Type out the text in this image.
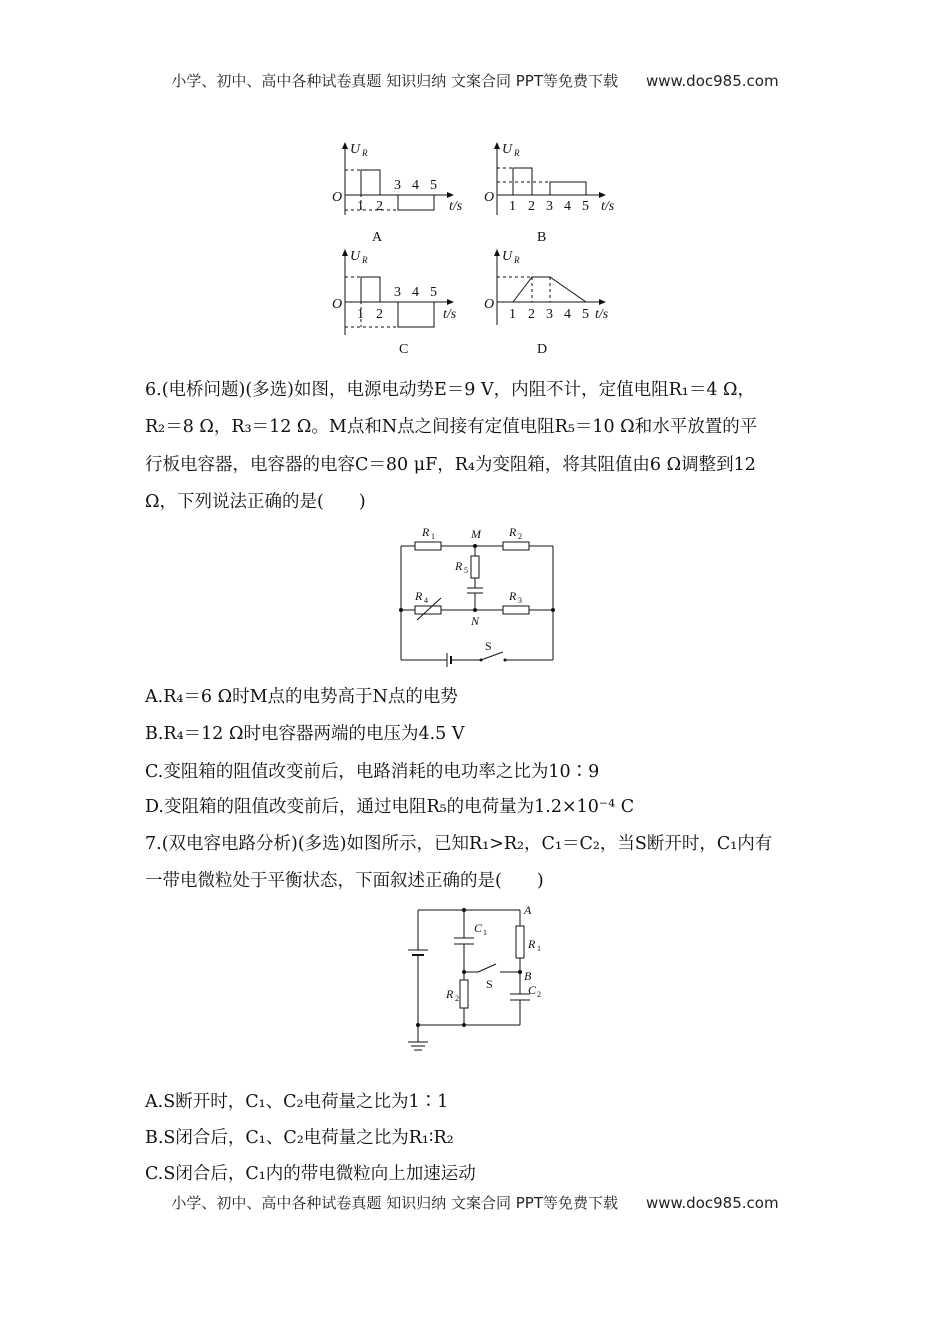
小学、初中、高中各种试卷真题 知识归纳 文案合同 PPT等免费下载 www.doc985.com
U R
O
1 2
3 4 5
t/s
A
U R
O
1 2 3 4 5 t/s
B
U R
O
1 2
3 4 5
t/s
C
U R
O
1 2 3 4 5 t/s
D
6.(电桥问题)(多选)如图，电源电动势E＝9 V，内阻不计，定值电阻R₁＝4 Ω，
R₂＝8 Ω，R₃＝12 Ω。M点和N点之间接有定值电阻R₅＝10 Ω和水平放置的平
行板电容器，电容器的电容C＝80 μF，R₄为变阻箱，将其阻值由6 Ω调整到12
Ω，下列说法正确的是(　　)
R 1	R 2
R 3
R 4
R 5
M
N
S
A.R₄＝6 Ω时M点的电势高于N点的电势
B.R₄＝12 Ω时电容器两端的电压为4.5 V
C.变阻箱的阻值改变前后，电路消耗的电功率之比为10∶9
D.变阻箱的阻值改变前后，通过电阻R₅的电荷量为1.2×10⁻⁴ C
7.(双电容电路分析)(多选)如图所示，已知R₁>R₂，C₁＝C₂，当S断开时，C₁内有
一带电微粒处于平衡状态，下面叙述正确的是(　　)
A
B
C 1
C 2
R 1
R 2
S
A.S断开时，C₁、C₂电荷量之比为1∶1
B.S闭合后，C₁、C₂电荷量之比为R₁∶R₂
C.S闭合后，C₁内的带电微粒向上加速运动
小学、初中、高中各种试卷真题 知识归纳 文案合同 PPT等免费下载 www.doc985.com
